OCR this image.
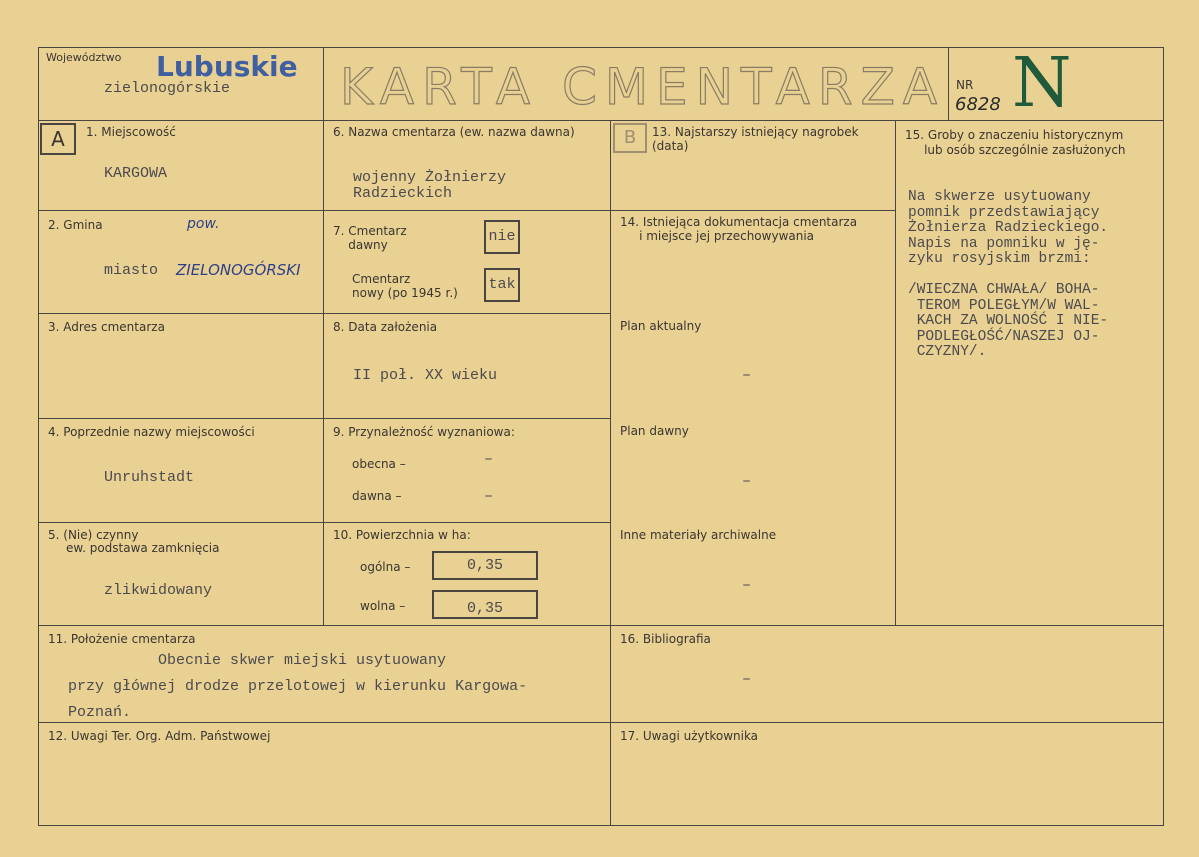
Województwo Lubuskie
zielonogórskie KARTA CMENTARZA NR
6828 N
A	B
1. Miejscowość
KARGOWA
2. Gmina	pow.
miasto ZIELONOGÓRSKI
3. Adres cmentarza
4. Poprzednie nazwy miejscowości
Unruhstadt
5. (Nie) czynny
ew. podstawa zamknięcia
zlikwidowany
6. Nazwa cmentarza (ew. nazwa dawna)
wojenny Żołnierzy
Radzieckich
7. Cmentarz
dawny	nie
Cmentarz
nowy (po 1945 r.) tak
8. Data założenia
II poł. XX wieku
9. Przynależność wyznaniowa:
obecna –	–
dawna –	–
10. Powierzchnia w ha:
ogólna –	0,35
wolna –	0,35
13. Najstarszy istniejący nagrobek
(data)
14. Istniejąca dokumentacja cmentarza
i miejsce jej przechowywania
Plan aktualny
–
Plan dawny
–
Inne materiały archiwalne
–
15. Groby o znaczeniu historycznym
lub osób szczególnie zasłużonych
Na skwerze usytuowany
pomnik przedstawiający
Żołnierza Radzieckiego.
Napis na pomniku w ję-
zyku rosyjskim brzmi:

/WIECZNA CHWAŁA/ BOHA-
TEROM POLEGŁYM/W WAL-
KACH ZA WOLNOŚĆ I NIE-
PODLEGŁOŚĆ/NASZEJ OJ-
CZYZNY/.
11. Położenie cmentarza
Obecnie skwer miejski usytuowany
przy głównej drodze przelotowej w kierunku Kargowa-
Poznań.
16. Bibliografia
–
12. Uwagi Ter. Org. Adm. Państwowej	17. Uwagi użytkownika
